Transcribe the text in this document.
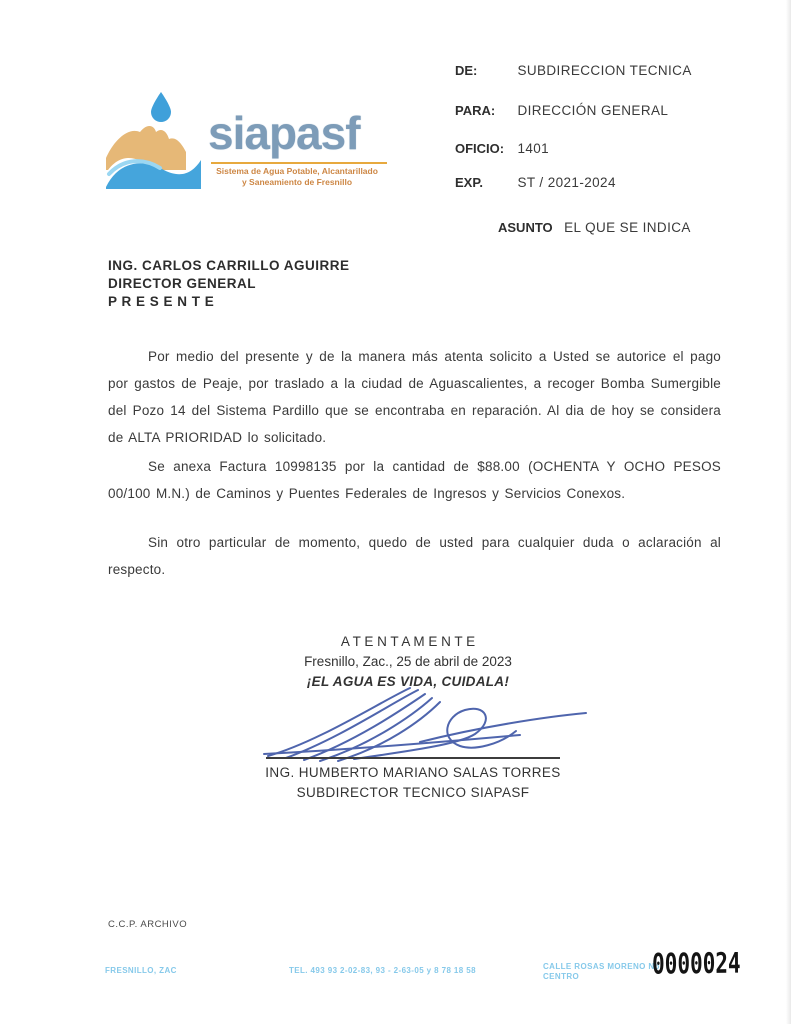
siapasf
Sistema de Agua Potable, Alcantarillado
y Saneamiento de Fresnillo
DE:	SUBDIRECCION TECNICA
PARA: DIRECCIÓN GENERAL
OFICIO: 1401
EXP.	ST / 2021-2024
ASUNTO EL QUE SE INDICA
ING. CARLOS CARRILLO AGUIRRE
DIRECTOR GENERAL
P R E S E N T E
Por medio del presente y de la manera más atenta solicito a Usted se autorice el pago por gastos de Peaje, por traslado a la ciudad de Aguascalientes, a recoger Bomba Sumergible del Pozo 14 del Sistema Pardillo que se encontraba en reparación. Al dia de hoy se considera de ALTA PRIORIDAD lo solicitado.
Se anexa Factura 10998135 por la cantidad de $88.00 (OCHENTA Y OCHO PESOS 00/100 M.N.) de Caminos y Puentes Federales de Ingresos y Servicios Conexos.
Sin otro particular de momento, quedo de usted para cualquier duda o aclaración al respecto.
A T E N T A M E N T E
Fresnillo, Zac., 25 de abril de 2023
¡EL AGUA ES VIDA, CUIDALA!
ING. HUMBERTO MARIANO SALAS TORRES
SUBDIRECTOR TECNICO SIAPASF
C.C.P. ARCHIVO
FRESNILLO, ZAC	TEL. 493 93 2-02-83, 93 - 2-63-05 y 8 78 18 58	CALLE ROSAS MORENO No
CENTRO	0000024
